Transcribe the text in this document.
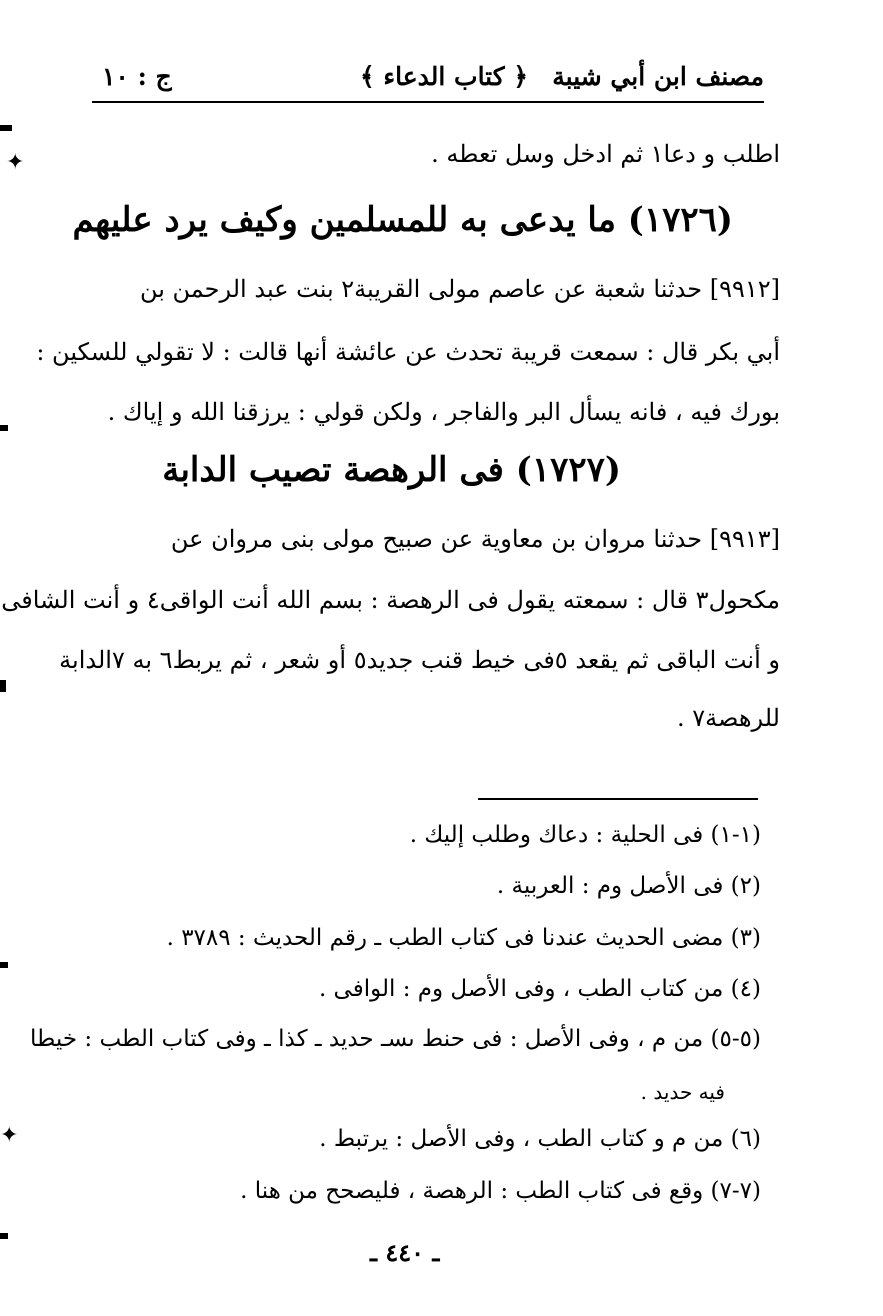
مصنف ابن أبي شيبة
﴿ كتاب الدعاء ﴾
ج : ١٠
اطلب و دعا١ ثم ادخل وسل تعطه .
(١٧٢٦) ما يدعى به للمسلمين وكيف يرد عليهم
[٩٩١٢] حدثنا شعبة عن عاصم مولى القريبة٢ بنت عبد الرحمن بن
أبي بكر قال : سمعت قريبة تحدث عن عائشة أنها قالت : لا تقولي للسكين :
بورك فيه ، فانه يسأل البر والفاجر ، ولكن قولي : يرزقنا الله و إياك .
(١٧٢٧) فى الرهصة تصيب الدابة
[٩٩١٣] حدثنا مروان بن معاوية عن صبيح مولى بنى مروان عن
مكحول٣ قال : سمعته يقول فى الرهصة : بسم الله أنت الواقى٤ و أنت الشافى
و أنت الباقى ثم يقعد ٥فى خيط قنب جديد٥ أو شعر ، ثم يربط٦ به ٧الدابة
للرهصة٧ .
(١-١) فى الحلية : دعاك وطلب إليك .
(٢) فى الأصل وم : العربية .
(٣) مضى الحديث عندنا فى كتاب الطب ـ رقم الحديث : ٣٧٨٩ .
(٤) من كتاب الطب ، وفى الأصل وم : الوافى .
(٥-٥) من م ، وفى الأصل : فى حنط ىسـ حديد ـ كذا ـ وفى كتاب الطب : خيطا
فيه حديد .
(٦) من م و كتاب الطب ، وفى الأصل : يرتبط .
(٧-٧) وقع فى كتاب الطب : الرهصة ، فليصحح من هنا .
ـ ٤٤٠ ـ
✦
✦
